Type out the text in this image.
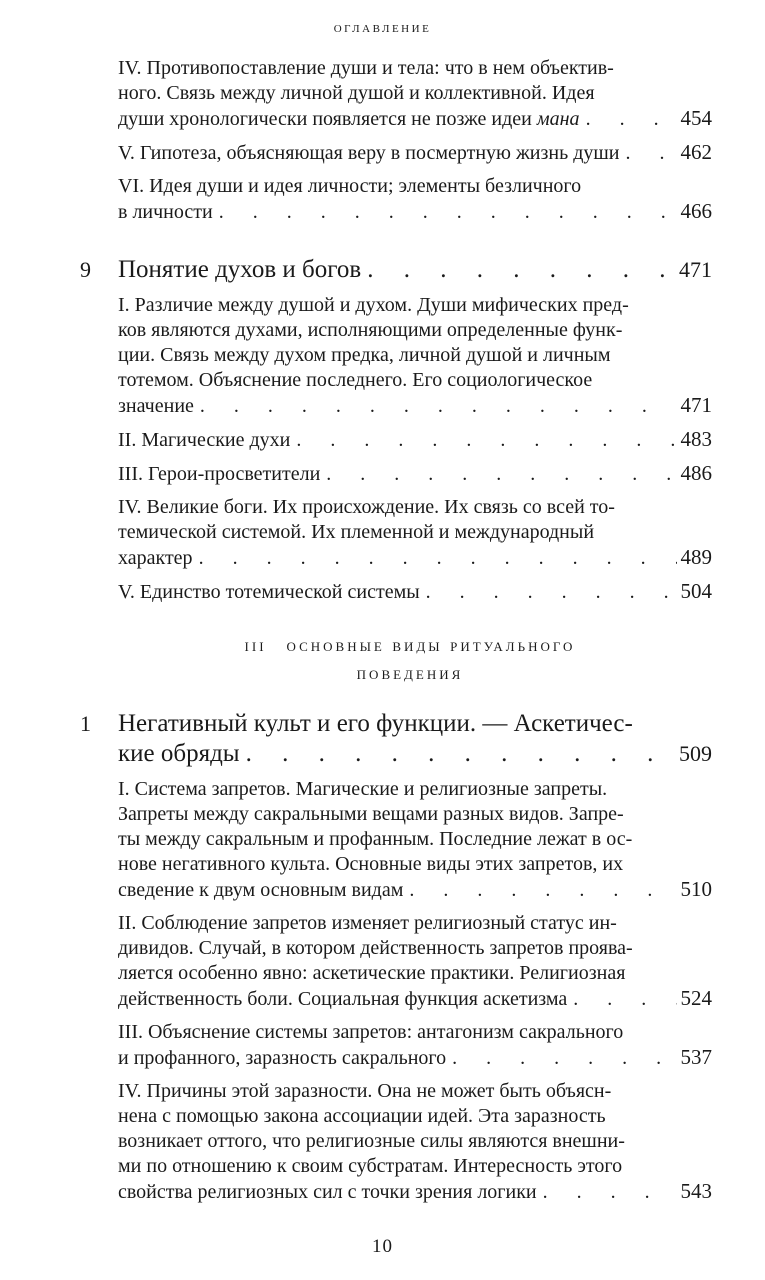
оглавление
IV. Противопоставление души и тела: что в нем объектив-
ного. Связь между личной душой и коллективной. Идея
души хронологически появляется не позже идеи мана . . .	454
V. Гипотеза, объясняющая веру в посмертную жизнь души . . .	462
VI. Идея души и идея личности; элементы безличного
в личности . . .	466
9 Понятие духов и богов . . .	471
I. Различие между душой и духом. Души мифических пред-
ков являются духами, исполняющими определенные функ-
ции. Связь между духом предка, личной душой и личным
тотемом. Объяснение последнего. Его социологическое
значение . . .	471
II. Магические духи . . .	483
III. Герои-просветители . . .	486
IV. Великие боги. Их происхождение. Их связь со всей то-
темической системой. Их племенной и международный
характер . . .	489
V. Единство тотемической системы . . .	504
iii основные виды ритуального
поведения
1 Негативный культ и его функции. — Аскетичес-
кие обряды . . .	509
I. Система запретов. Магические и религиозные запреты.
Запреты между сакральными вещами разных видов. Запре-
ты между сакральным и профанным. Последние лежат в ос-
нове негативного культа. Основные виды этих запретов, их
сведение к двум основным видам . . .	510
II. Соблюдение запретов изменяет религиозный статус ин-
дивидов. Случай, в котором действенность запретов проява-
ляется особенно явно: аскетические практики. Религиозная
действенность боли. Социальная функция аскетизма . . .	524
III. Объяснение системы запретов: антагонизм сакрального
и профанного, заразность сакрального . . .	537
IV. Причины этой заразности. Она не может быть объясн-
нена с помощью закона ассоциации идей. Эта заразность
возникает оттого, что религиозные силы являются внешни-
ми по отношению к своим субстратам. Интересность этого
свойства религиозных сил с точки зрения логики . . .	543
10
